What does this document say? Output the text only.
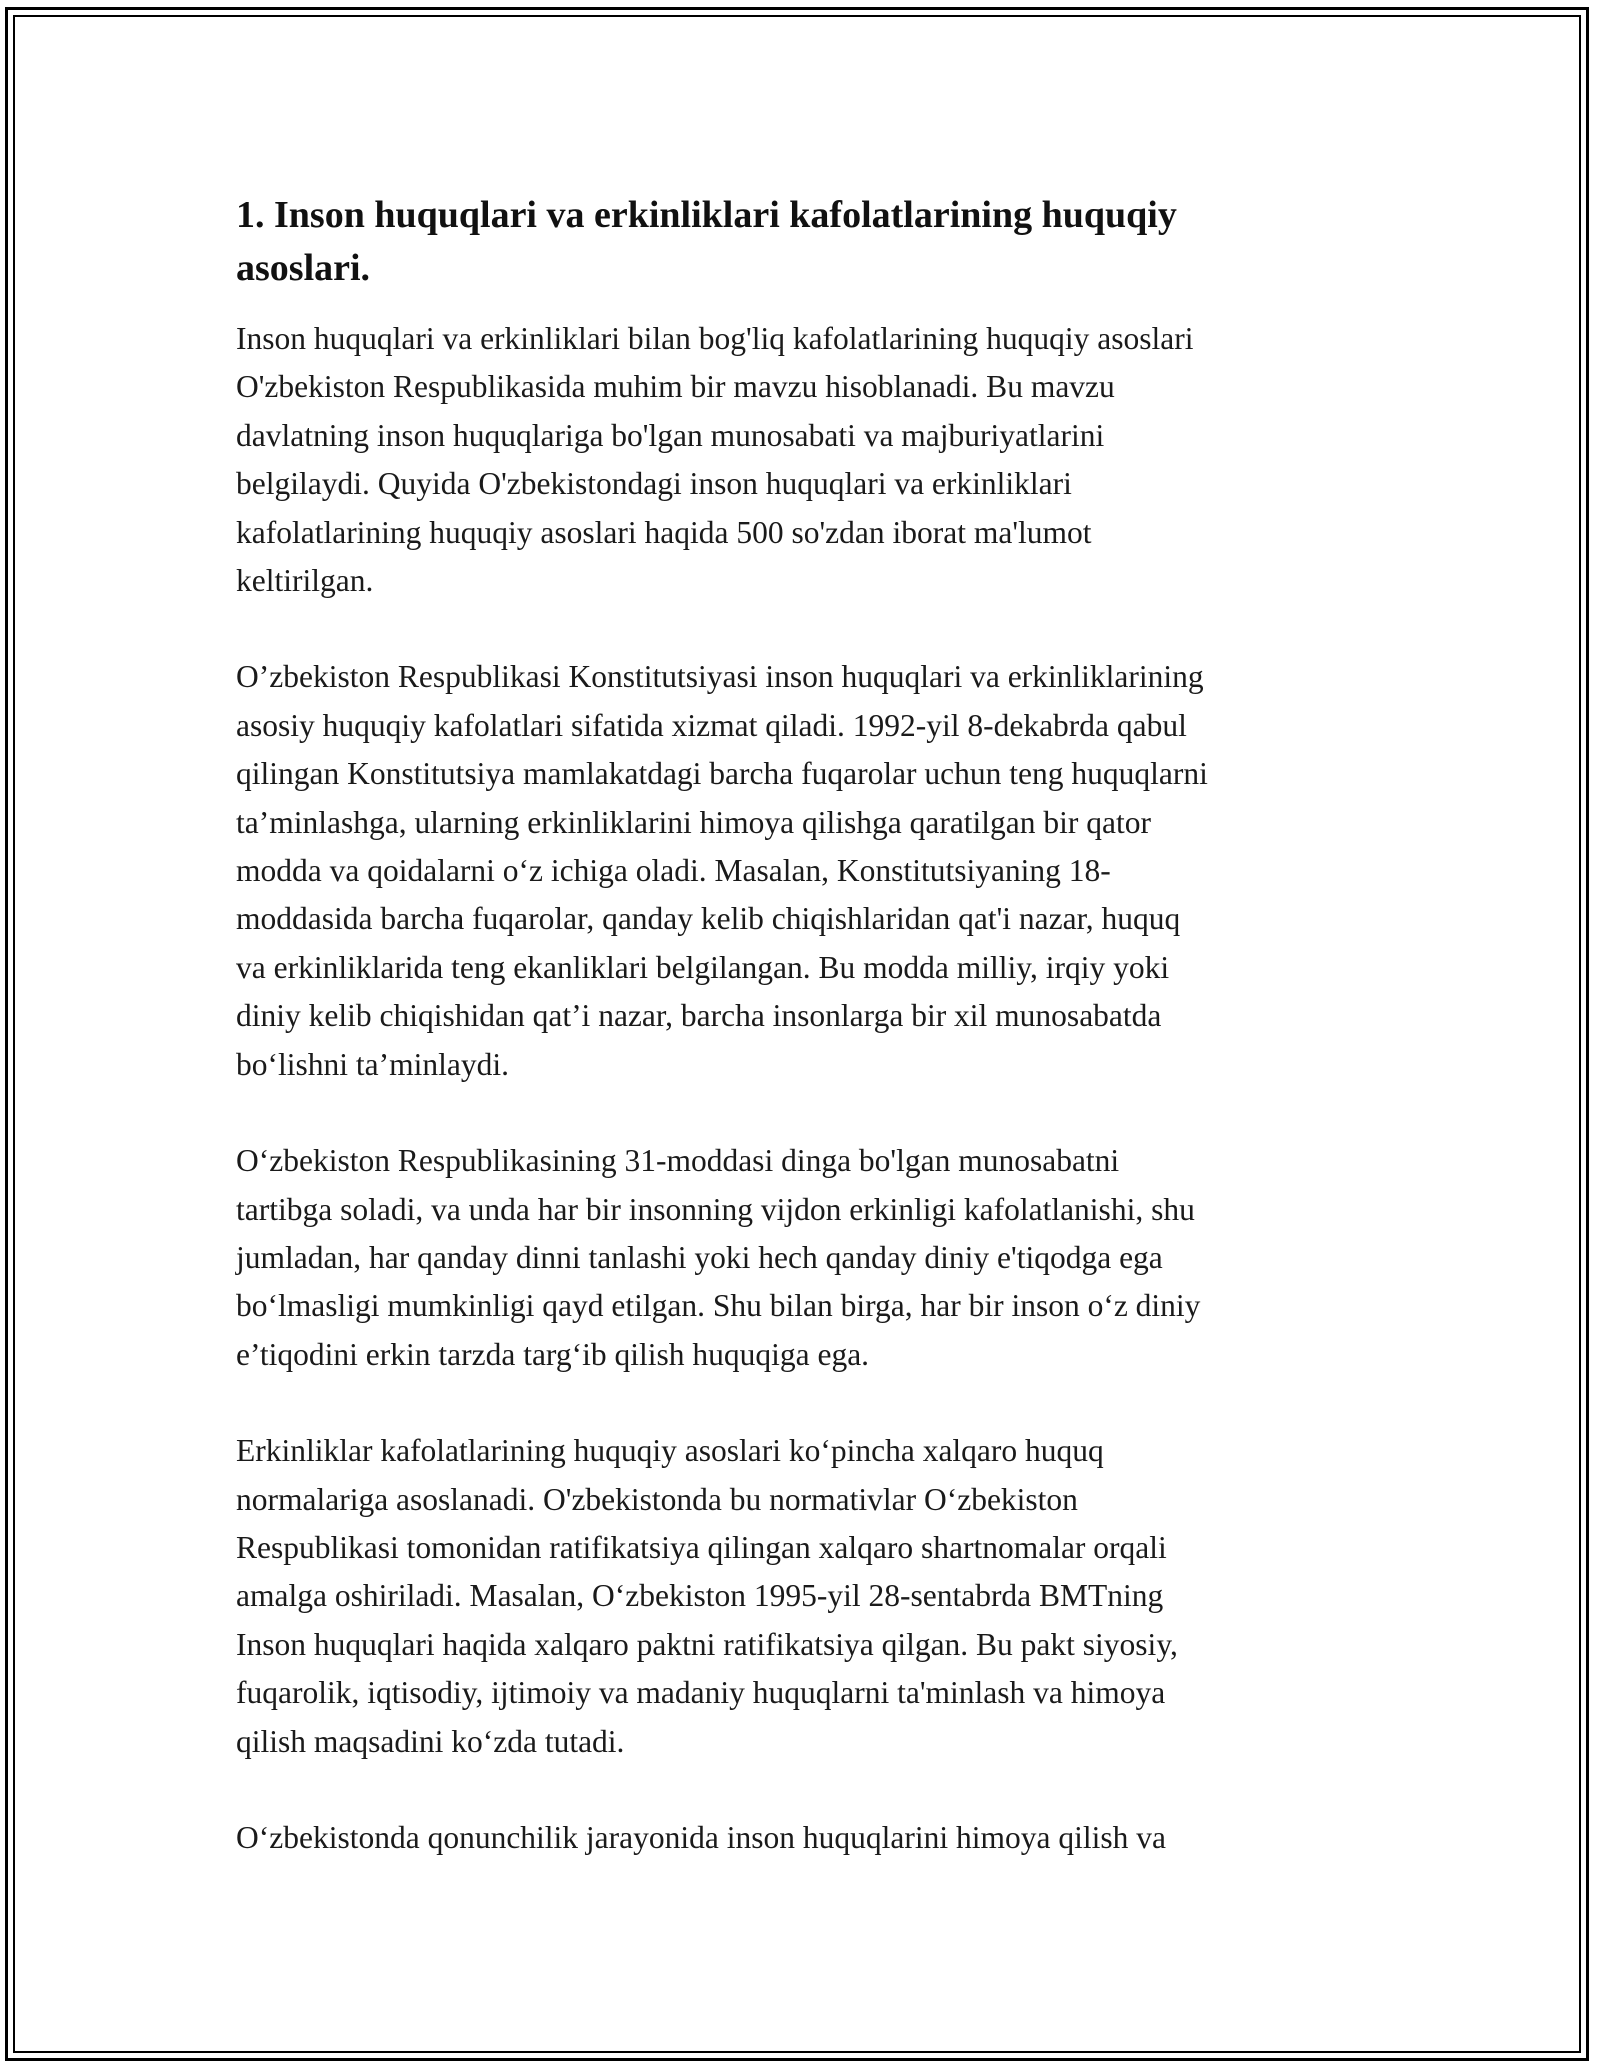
1. Inson huquqlari va erkinliklari kafolatlarining huquqiy
asoslari.

Inson huquqlari va erkinliklari bilan bog'liq kafolatlarining huquqiy asoslari
O'zbekiston Respublikasida muhim bir mavzu hisoblanadi. Bu mavzu
davlatning inson huquqlariga bo'lgan munosabati va majburiyatlarini
belgilaydi. Quyida O'zbekistondagi inson huquqlari va erkinliklari
kafolatlarining huquqiy asoslari haqida 500 so'zdan iborat ma'lumot
keltirilgan.

O’zbekiston Respublikasi Konstitutsiyasi inson huquqlari va erkinliklarining
asosiy huquqiy kafolatlari sifatida xizmat qiladi. 1992-yil 8-dekabrda qabul
qilingan Konstitutsiya mamlakatdagi barcha fuqarolar uchun teng huquqlarni
ta’minlashga, ularning erkinliklarini himoya qilishga qaratilgan bir qator
modda va qoidalarni o‘z ichiga oladi. Masalan, Konstitutsiyaning 18-
moddasida barcha fuqarolar, qanday kelib chiqishlaridan qat'i nazar, huquq
va erkinliklarida teng ekanliklari belgilangan. Bu modda milliy, irqiy yoki
diniy kelib chiqishidan qat’i nazar, barcha insonlarga bir xil munosabatda
bo‘lishni ta’minlaydi.

O‘zbekiston Respublikasining 31-moddasi dinga bo'lgan munosabatni
tartibga soladi, va unda har bir insonning vijdon erkinligi kafolatlanishi, shu
jumladan, har qanday dinni tanlashi yoki hech qanday diniy e'tiqodga ega
bo‘lmasligi mumkinligi qayd etilgan. Shu bilan birga, har bir inson o‘z diniy
e’tiqodini erkin tarzda targ‘ib qilish huquqiga ega.

Erkinliklar kafolatlarining huquqiy asoslari ko‘pincha xalqaro huquq
normalariga asoslanadi. O'zbekistonda bu normativlar O‘zbekiston
Respublikasi tomonidan ratifikatsiya qilingan xalqaro shartnomalar orqali
amalga oshiriladi. Masalan, O‘zbekiston 1995-yil 28-sentabrda BMTning
Inson huquqlari haqida xalqaro paktni ratifikatsiya qilgan. Bu pakt siyosiy,
fuqarolik, iqtisodiy, ijtimoiy va madaniy huquqlarni ta'minlash va himoya
qilish maqsadini ko‘zda tutadi.

O‘zbekistonda qonunchilik jarayonida inson huquqlarini himoya qilish va
